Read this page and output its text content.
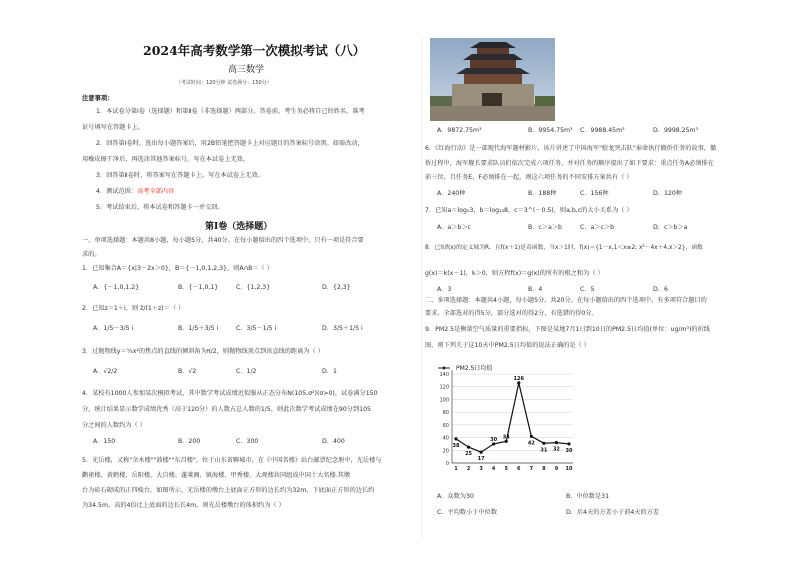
2024年高考数学第一次模拟考试（八）
高三数学
（考试时间：120分钟 试卷满分：150分）
注意事项：
1．本试卷分第Ⅰ卷（选择题）和第Ⅱ卷（非选择题）两部分。答卷前，考生务必将自己的姓名、准考
证号填写在答题卡上。
2．回答第Ⅰ卷时，选出每小题答案后，用2B铅笔把答题卡上对应题目的答案标号涂黑。如需改动，
用橡皮擦干净后，再选涂其他答案标号。写在本试卷上无效。
3．回答第Ⅱ卷时，将答案写在答题卡上。写在本试卷上无效。
4．测试范围：高考全部内容
5．考试结束后，将本试卷和答题卡一并交回。
第Ⅰ卷（选择题）
一、单项选择题：本题共8小题，每小题5分，共40分。在每小题给出的四个选项中，只有一项是符合要
求的。
1．已知集合A＝{x|3－2x＞0}，B＝{－1,0,1,2,3}，则A∩B＝（ ）
A．{－1,0,1,2}	B．{－1,0,1}	C．{1,2,3}	D．{2,3}
2．已知z＝1＋i，则 z̄/(1＋z)＝（ ）
A．1/5－3/5 i	B．1/5＋3/5 i	C．3/5－1/5 i	D．3/5＋1/5 i
3．过抛物线y＝¼x²的焦点的直线的倾斜角为π/2，则抛物线顶点到该直线的距离为（ ）
A．√2/2	B．√2	C．1/2	D．1
4．某校有1000人参加某次模拟考试，其中数学考试成绩近似服从正态分布N(105,σ²)(σ>0)，试卷满分150
分，统计结果显示数学成绩优秀（高于120分）的人数占总人数的1/5，则此次数学考试成绩在90分到105
分之间的人数约为（ ）
A．150	B．200	C．300	D．400
5．光岳楼，又称"余木楼""鼓楼""东昌楼"，位于山东省聊城市，在《中国名楼》站台邮票纪念册中，光岳楼与
鹳雀楼、黄鹤楼、岳阳楼、大自楼、蓬莱阁、镇海楼、甲秀楼、大观楼共同组成中国十大名楼.其墩
台为砖石砌成的正四棱台，如图所示，光岳楼的墩台上底面正方形的边长约为32m，下底面正方形的边长约
为34.5m，高的4倍比上底面的边长长4m，则光岳楼墩台的体积约为（ ）
A．9872.75m³	B．9954.75m³ C．9988.45m³	D．9998.25m³
6．《红海行动》是一部现代海军题材影片，该片讲述了中国海军"蛟龙突击队"奉命执行撤侨任务的故事，撤
侨过程中，海军舰长要求队员们依次完成六项任务，并对任务的顺序提出了如下要求：重点任务A必须排在
前三位，且任务E、F必须排在一起，则这六项任务的不同安排方案共有（ ）
A．240种	B．188种	C．156种	D．120种
7．已知a＝log₅3，b＝log₁₃8，c＝3^(－0.5)，则a,b,c的大小关系为（ ）
A．a＞b＞c	B．c＞a＞b	C．a＞c＞b	D．c＞b＞a
8．已知f(x)的定义域为R，且f(x＋1)是奇函数，当x＞1时，f(x)＝{1－x,1＜x≤2; x²－4x＋4,x＞2}，函数
g(x)＝k(x－1)，k＞0，则方程f(x)＝g(x)的所有的根之和为（ ）
A．3	B．4	C．5	D．6
二、多项选择题：本题共4小题，每小题5分，共20分。在每小题给出的四个选项中，有多项符合题目的
要求。全部选对的得5分，部分选对的得2分，有选错的得0分。
9．PM2.5是衡量空气质量的重要指标，下图是某地7月1日到10日的PM2.5日均值(单位：ug/m³)的折线
图，则下列关于这10天中PM2.5日均值的说法正确的是（ ）
PM2.5日均值
0
20
40
60
80
100
120
140
1 2 3 4 5 6 7 8 9 10
38
25
17
30 34
126
42
31 32 30
A．众数为30	B．中位数是31
C．平均数小于中位数	D．后4天的方差小于前4天的方差
